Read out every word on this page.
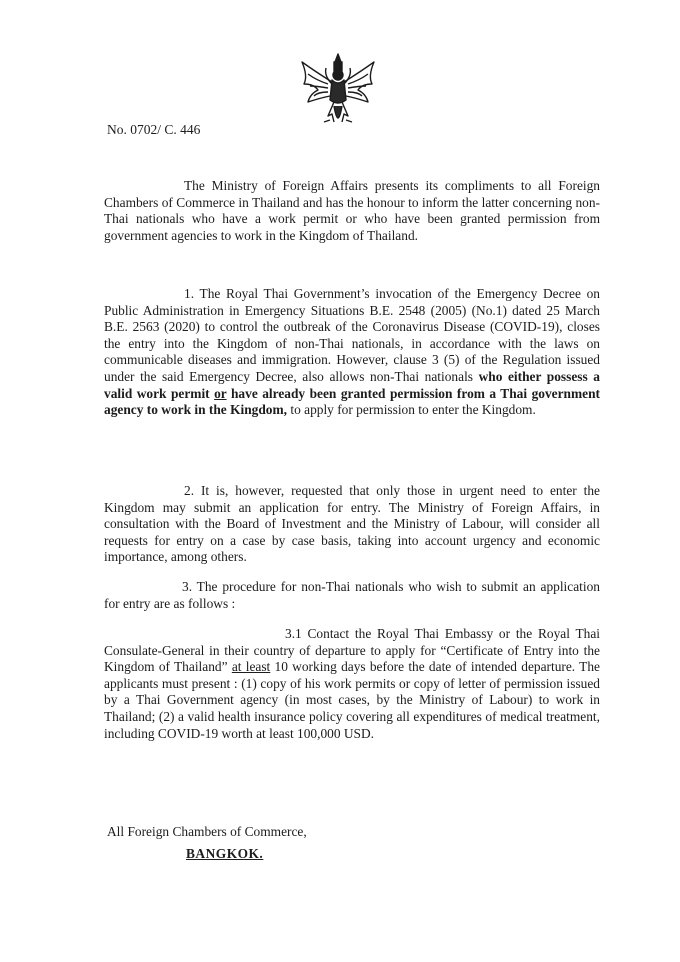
No. 0702/ C. 446

The Ministry of Foreign Affairs presents its compliments to all Foreign Chambers of Commerce in Thailand and has the honour to inform the latter concerning non-Thai nationals who have a work permit or who have been granted permission from government agencies to work in the Kingdom of Thailand.

1. The Royal Thai Government’s invocation of the Emergency Decree on Public Administration in Emergency Situations B.E. 2548 (2005) (No.1) dated 25 March B.E. 2563 (2020) to control the outbreak of the Coronavirus Disease (COVID-19), closes the entry into the Kingdom of non-Thai nationals, in accordance with the laws on communicable diseases and immigration. However, clause 3 (5) of the Regulation issued under the said Emergency Decree, also allows non-Thai nationals who either possess a valid work permit or have already been granted permission from a Thai government agency to work in the Kingdom, to apply for permission to enter the Kingdom.

2. It is, however, requested that only those in urgent need to enter the Kingdom may submit an application for entry. The Ministry of Foreign Affairs, in consultation with the Board of Investment and the Ministry of Labour, will consider all requests for entry on a case by case basis, taking into account urgency and economic importance, among others.

3. The procedure for non-Thai nationals who wish to submit an application for entry are as follows :

3.1 Contact the Royal Thai Embassy or the Royal Thai Consulate-General in their country of departure to apply for “Certificate of Entry into the Kingdom of Thailand” at least 10 working days before the date of intended departure. The applicants must present : (1) copy of his work permits or copy of letter of permission issued by a Thai Government agency (in most cases, by the Ministry of Labour) to work in Thailand; (2) a valid health insurance policy covering all expenditures of medical treatment, including COVID-19 worth at least 100,000 USD.

All Foreign Chambers of Commerce,
BANGKOK.
